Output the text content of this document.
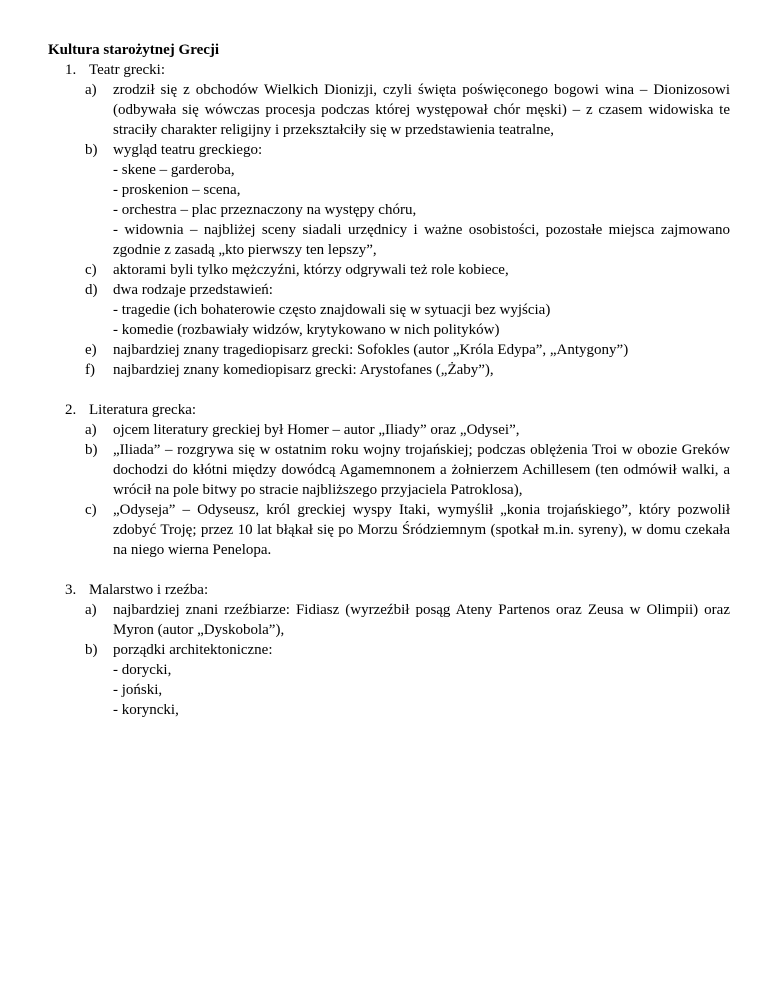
Kultura starożytnej Grecji

1. Teatr grecki:
a) zrodził się z obchodów Wielkich Dionizji, czyli święta poświęconego bogowi wina – Dionizosowi (odbywała się wówczas procesja podczas której występował chór męski) – z czasem widowiska te straciły charakter religijny i przekształciły się w przedstawienia teatralne,
b) wygląd teatru greckiego:
- skene – garderoba,
- proskenion – scena,
- orchestra – plac przeznaczony na występy chóru,
- widownia – najbliżej sceny siadali urzędnicy i ważne osobistości, pozostałe miejsca zajmowano zgodnie z zasadą „kto pierwszy ten lepszy”,
c) aktorami byli tylko mężczyźni, którzy odgrywali też role kobiece,
d) dwa rodzaje przedstawień:
- tragedie (ich bohaterowie często znajdowali się w sytuacji bez wyjścia)
- komedie (rozbawiały widzów, krytykowano w nich polityków)
e) najbardziej znany tragediopisarz grecki: Sofokles (autor „Króla Edypa”, „Antygony”)
f) najbardziej znany komediopisarz grecki: Arystofanes („Żaby”),
2. Literatura grecka:
a) ojcem literatury greckiej był Homer – autor „Iliady” oraz „Odysei”,
b) „Iliada” – rozgrywa się w ostatnim roku wojny trojańskiej; podczas oblężenia Troi w obozie Greków dochodzi do kłótni między dowódcą Agamemnonem a żołnierzem Achillesem (ten odmówił walki, a wrócił na pole bitwy po stracie najbliższego przyjaciela Patroklosa),
c) „Odyseja” – Odyseusz, król greckiej wyspy Itaki, wymyślił „konia trojańskiego”, który pozwolił zdobyć Troję; przez 10 lat błąkał się po Morzu Śródziemnym (spotkał m.in. syreny), w domu czekała na niego wierna Penelopa.
3. Malarstwo i rzeźba:
a) najbardziej znani rzeźbiarze: Fidiasz (wyrzeźbił posąg Ateny Partenos oraz Zeusa w Olimpii) oraz Myron (autor „Dyskobola”),
b) porządki architektoniczne:
- dorycki,
- joński,
- koryncki,
